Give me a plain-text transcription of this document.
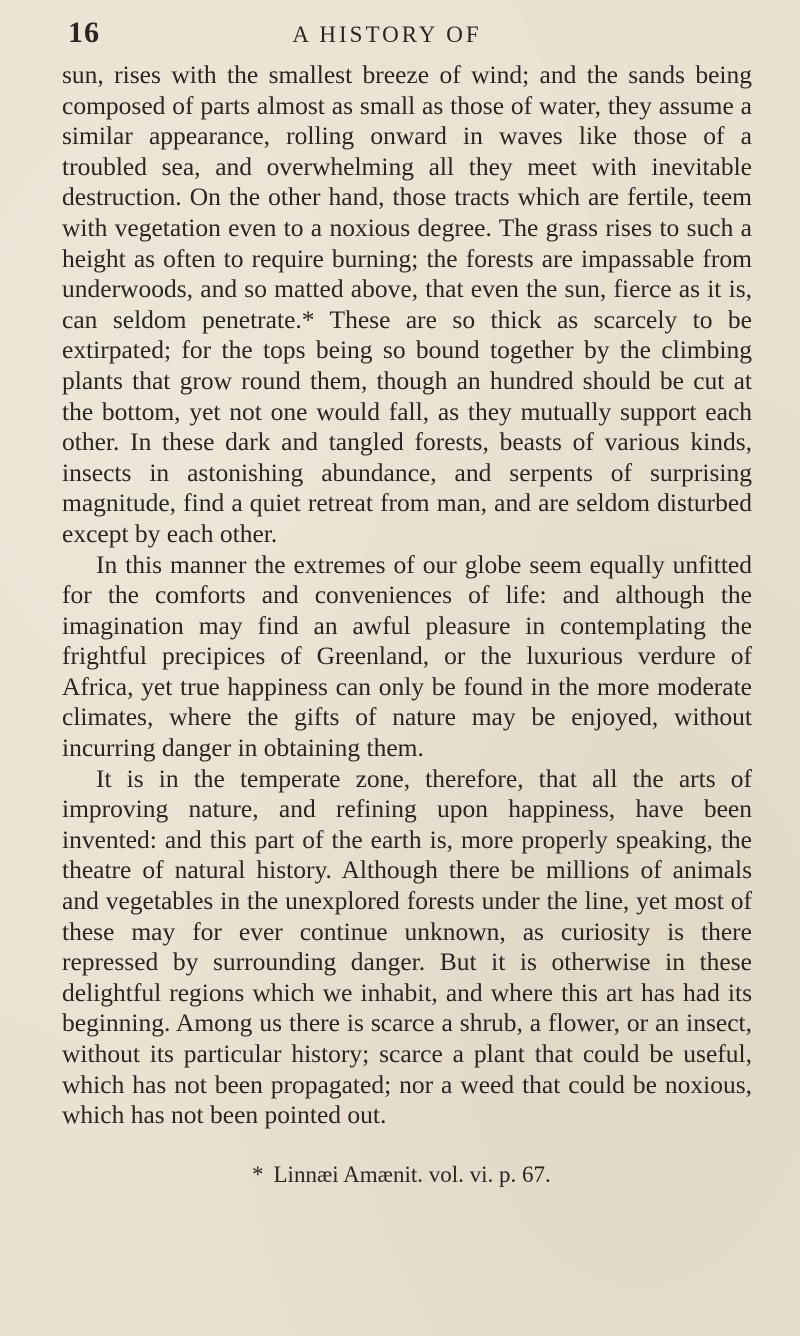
16	A HISTORY OF

sun, rises with the smallest breeze of wind; and the sands being composed of parts almost as small as those of water, they assume a similar appearance, rolling onward in waves like those of a troubled sea, and overwhelming all they meet with inevitable destruction. On the other hand, those tracts which are fertile, teem with vegetation even to a noxious degree. The grass rises to such a height as often to require burning; the forests are impassable from underwoods, and so matted above, that even the sun, fierce as it is, can seldom penetrate.* These are so thick as scarcely to be extirpated; for the tops being so bound together by the climbing plants that grow round them, though an hundred should be cut at the bottom, yet not one would fall, as they mutually support each other. In these dark and tangled forests, beasts of various kinds, insects in astonishing abundance, and serpents of surprising magnitude, find a quiet retreat from man, and are seldom disturbed except by each other.

In this manner the extremes of our globe seem equally unfitted for the comforts and conveniences of life: and although the imagination may find an awful pleasure in contemplating the frightful precipices of Greenland, or the luxurious verdure of Africa, yet true happiness can only be found in the more moderate climates, where the gifts of nature may be enjoyed, without incurring danger in obtaining them.

It is in the temperate zone, therefore, that all the arts of improving nature, and refining upon happiness, have been invented: and this part of the earth is, more properly speaking, the theatre of natural history. Although there be millions of animals and vegetables in the unexplored forests under the line, yet most of these may for ever continue unknown, as curiosity is there repressed by surrounding danger. But it is otherwise in these delightful regions which we inhabit, and where this art has had its beginning. Among us there is scarce a shrub, a flower, or an insect, without its particular history; scarce a plant that could be useful, which has not been propagated; nor a weed that could be noxious, which has not been pointed out.

* Linnæi Amænit. vol. vi. p. 67.
